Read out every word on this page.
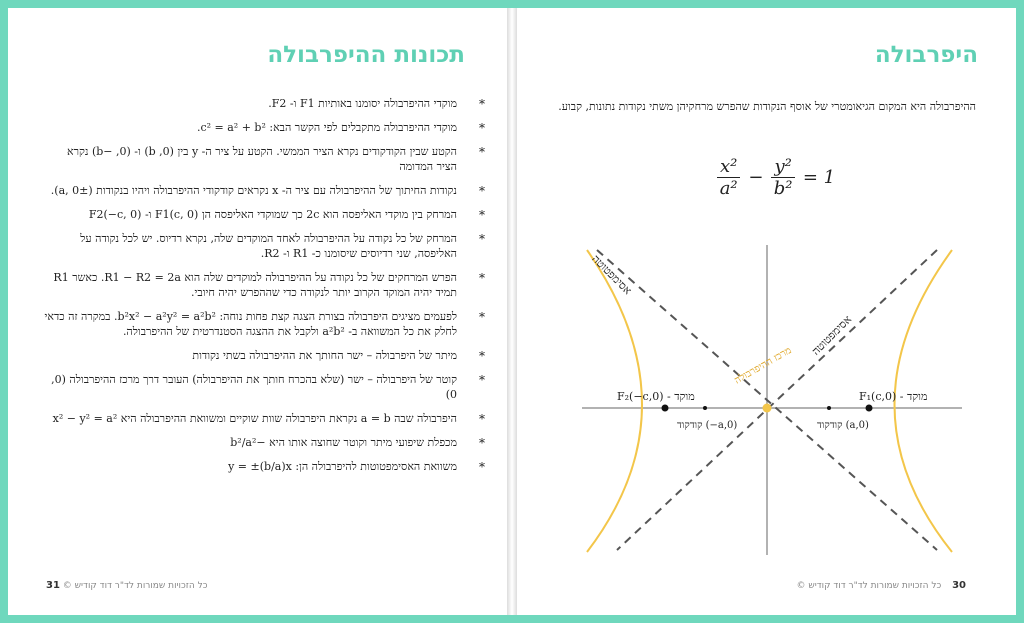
תכונות ההיפרבולה
* מוקדי ההיפרבולה יסומנו באותיות F1 ו- F2.
* מוקדי ההיפרבולה מתקבלים לפי הקשר הבא: c² = a² + b².
* הקטע שבין הקודקודים נקרא הציר הממשי. הקטע על ציר ה- y בין (0, b) ו- (0, −b) נקרא הציר המדומה
* נקודות החיתוך של ההיפרבולה עם ציר ה- x נקראים קודקודי ההיפרבולה ויהיו בנקודות (±a, 0).
* המרחק בין מוקדי האליפסה הוא 2c כך שמוקדי האליפסה הן F1(c, 0) ו- F2(−c, 0)
* המרחק של כל נקודה על ההיפרבולה לאחד המוקדים שלה, נקרא רדיוס. יש לכל נקודה על האליפסה, שני רדיוסים שיסומנו כ- R1 ו- R2.
* הפרש המרחקים של כל נקודה על ההיפרבולה למוקדים שלה הוא R1 − R2 = 2a. כאשר R1 תמיד יהיה המוקד הקרוב יותר לנקודה כדי שההפרש יהיה חיובי.
* לפעמים מציגים היפרבולה בצורת הצגה קצת פחות נוחה: b²x² − a²y² = a²b². במקרה זה כדאי לחלק את כל המשוואה ב- a²b² ולקבל את ההצגה הסטנדרטית של ההיפרבולה.
* מיתר של היפרבולה – ישר החותך את ההיפרבולה בשתי נקודות
* קוטר של היפרבולה – ישר (שלא בהכרח חותך את ההיפרבולה) העובר דרך מרכז ההיפרבולה (0, 0)
* היפרבולה שבה a = b נקראת היפרבולה שוות שוקיים ומשוואת ההיפרבולה היא x² − y² = a²
* מכפלת שיפועי מיתר וקוטר שחוצה אותו היא −b²/a²
* משוואת האסימפטוטות להיפרבולה הן: y = ±(b/a)x
כל הזכויות שמורות לד"ר דוד קודיש © 31
היפרבולה
ההיפרבולה היא המקום הגיאומטרי של אוסף הנקודות שהפרש מרחקיהן משתי נקודות נתונות, קבוע.
$\frac{\text{x²}}{\text{a²}} - \frac{\text{y²}}{\text{b²}} = 1$
אסימפטוטה
אסימפטוטה
מרכז ההיפרבולה
F₂(−c,0) - מוקד	F₁(c,0) - מוקד
קודקוד (−a,0)	קודקוד (a,0)
30 כל הזכויות שמורות לד"ר דוד קודיש ©
